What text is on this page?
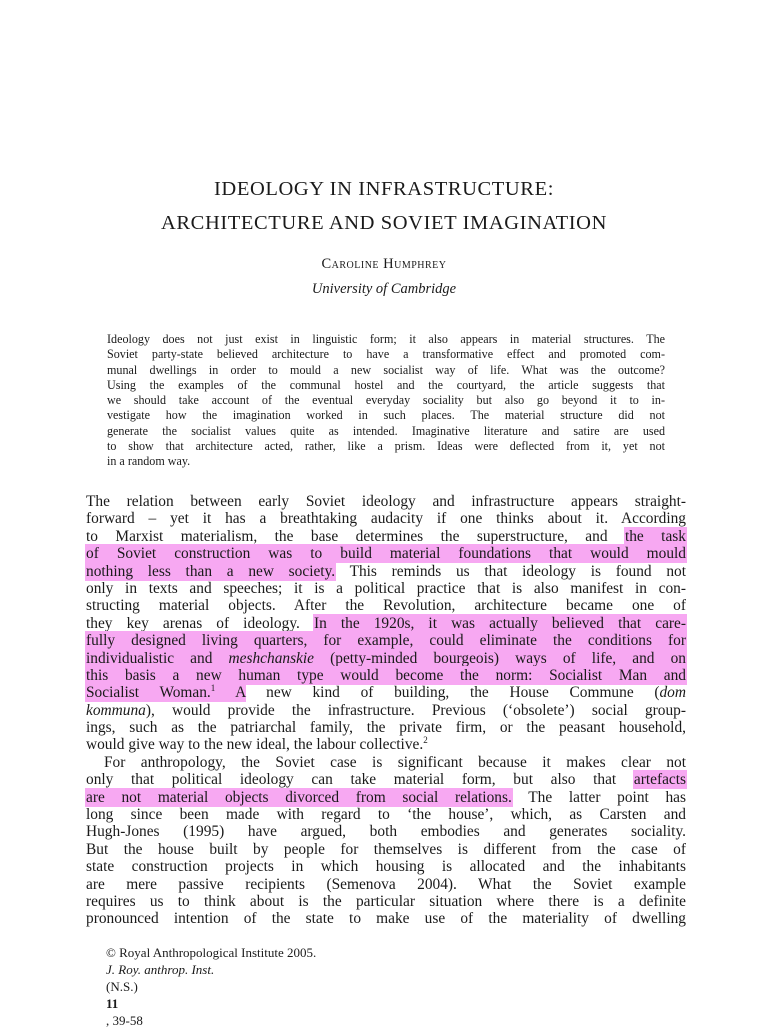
IDEOLOGY IN INFRASTRUCTURE:
ARCHITECTURE AND SOVIET IMAGINATION
Caroline Humphrey
University of Cambridge
Ideology does not just exist in linguistic form; it also appears in material structures. The
Soviet party-state believed architecture to have a transformative effect and promoted com-
munal dwellings in order to mould a new socialist way of life. What was the outcome?
Using the examples of the communal hostel and the courtyard, the article suggests that
we should take account of the eventual everyday sociality but also go beyond it to in-
vestigate how the imagination worked in such places. The material structure did not
generate the socialist values quite as intended. Imaginative literature and satire are used
to show that architecture acted, rather, like a prism. Ideas were deflected from it, yet not
in a random way.
The relation between early Soviet ideology and infrastructure appears straight-
forward – yet it has a breathtaking audacity if one thinks about it. According
to Marxist materialism, the base determines the superstructure, and the task
of Soviet construction was to build material foundations that would mould
nothing less than a new society. This reminds us that ideology is found not
only in texts and speeches; it is a political practice that is also manifest in con-
structing material objects. After the Revolution, architecture became one of
they key arenas of ideology. In the 1920s, it was actually believed that care-
fully designed living quarters, for example, could eliminate the conditions for
individualistic and meshchanskie (petty-minded bourgeois) ways of life, and on
this basis a new human type would become the norm: Socialist Man and
Socialist Woman.$^1$ A new kind of building, the House Commune (dom
kommuna), would provide the infrastructure. Previous (‘obsolete’) social group-
ings, such as the patriarchal family, the private firm, or the peasant household,
would give way to the new ideal, the labour collective.$^2$
For anthropology, the Soviet case is significant because it makes clear not
only that political ideology can take material form, but also that artefacts
are not material objects divorced from social relations. The latter point has
long since been made with regard to ‘the house’, which, as Carsten and
Hugh-Jones (1995) have argued, both embodies and generates sociality.
But the house built by people for themselves is different from the case of
state construction projects in which housing is allocated and the inhabitants
are mere passive recipients (Semenova 2004). What the Soviet example
requires us to think about is the particular situation where there is a definite
pronounced intention of the state to make use of the materiality of dwelling
© Royal Anthropological Institute 2005.
J. Roy. anthrop. Inst.
(N.S.)
11
, 39-58
